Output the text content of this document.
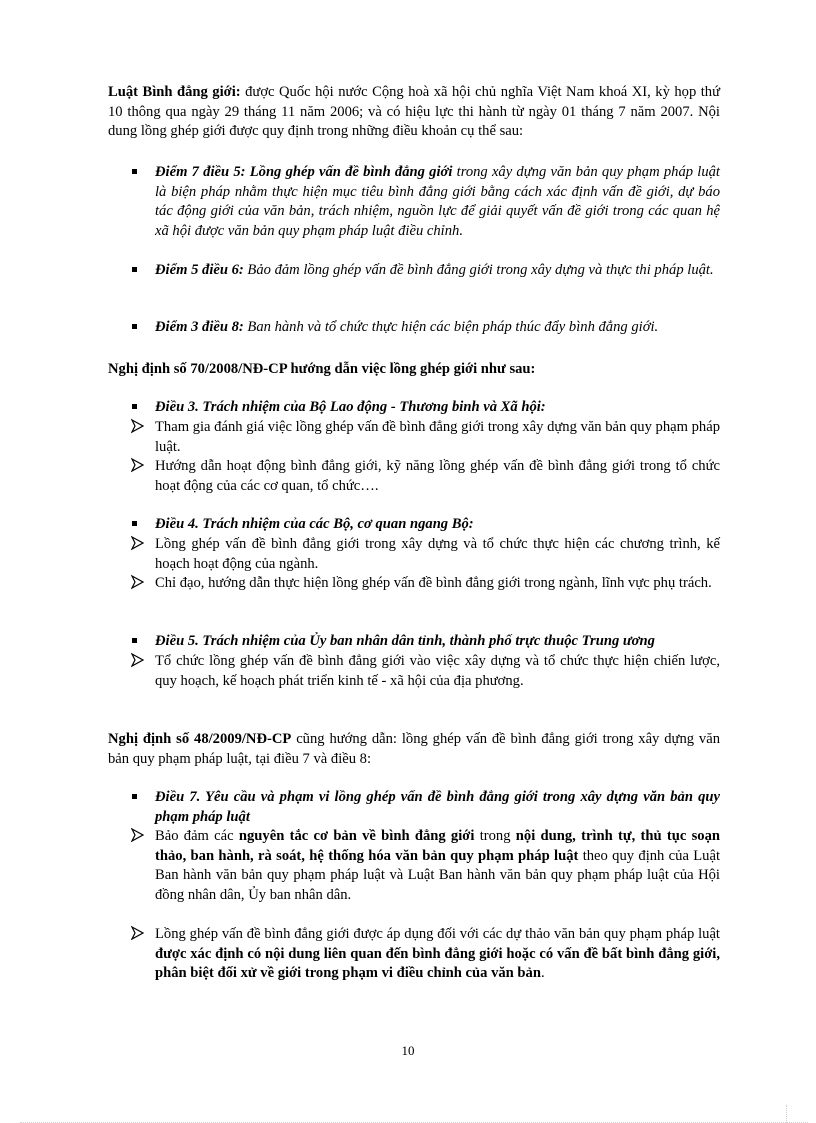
Luật Bình đẳng giới: được Quốc hội nước Cộng hoà xã hội chủ nghĩa Việt Nam khoá XI, kỳ họp thứ 10 thông qua ngày 29 tháng 11 năm 2006; và có hiệu lực thi hành từ ngày 01 tháng 7 năm 2007. Nội dung lồng ghép giới được quy định trong những điều khoản cụ thể sau:
Điểm 7 điều 5: Lồng ghép vấn đề bình đẳng giới trong xây dựng văn bản quy phạm pháp luật là biện pháp nhằm thực hiện mục tiêu bình đẳng giới bằng cách xác định vấn đề giới, dự báo tác động giới của văn bản, trách nhiệm, nguồn lực để giải quyết vấn đề giới trong các quan hệ xã hội được văn bản quy phạm pháp luật điều chỉnh.
Điểm 5 điều 6: Bảo đảm lồng ghép vấn đề bình đẳng giới trong xây dựng và thực thi pháp luật.
Điểm 3 điều 8: Ban hành và tổ chức thực hiện các biện pháp thúc đẩy bình đẳng giới.
Nghị định số 70/2008/NĐ-CP hướng dẫn việc lồng ghép giới như sau:
Điều 3. Trách nhiệm của Bộ Lao động - Thương binh và Xã hội:
Tham gia đánh giá việc lồng ghép vấn đề bình đẳng giới trong xây dựng văn bản quy phạm pháp luật.
Hướng dẫn hoạt động bình đẳng giới, kỹ năng lồng ghép vấn đề bình đẳng giới trong tổ chức hoạt động của các cơ quan, tổ chức….
Điều 4. Trách nhiệm của các Bộ, cơ quan ngang Bộ:
Lồng ghép vấn đề bình đẳng giới trong xây dựng và tổ chức thực hiện các chương trình, kế hoạch hoạt động của ngành.
Chỉ đạo, hướng dẫn thực hiện lồng ghép vấn đề bình đẳng giới trong ngành, lĩnh vực phụ trách.
Điều 5. Trách nhiệm của Ủy ban nhân dân tỉnh, thành phố trực thuộc Trung ương
Tổ chức lồng ghép vấn đề bình đẳng giới vào việc xây dựng và tổ chức thực hiện chiến lược, quy hoạch, kế hoạch phát triển kinh tế - xã hội của địa phương.
Nghị định số 48/2009/NĐ-CP cũng hướng dẫn: lồng ghép vấn đề bình đẳng giới trong xây dựng văn bản quy phạm pháp luật, tại điều 7 và điều 8:
Điều 7. Yêu cầu và phạm vi lồng ghép vấn đề bình đẳng giới trong xây dựng văn bản quy phạm pháp luật
Bảo đảm các nguyên tắc cơ bản về bình đẳng giới trong nội dung, trình tự, thủ tục soạn thảo, ban hành, rà soát, hệ thống hóa văn bản quy phạm pháp luật theo quy định của Luật Ban hành văn bản quy phạm pháp luật và Luật Ban hành văn bản quy phạm pháp luật của Hội đồng nhân dân, Ủy ban nhân dân.
Lồng ghép vấn đề bình đẳng giới được áp dụng đối với các dự thảo văn bản quy phạm pháp luật được xác định có nội dung liên quan đến bình đẳng giới hoặc có vấn đề bất bình đẳng giới, phân biệt đối xử về giới trong phạm vi điều chỉnh của văn bản.
10
